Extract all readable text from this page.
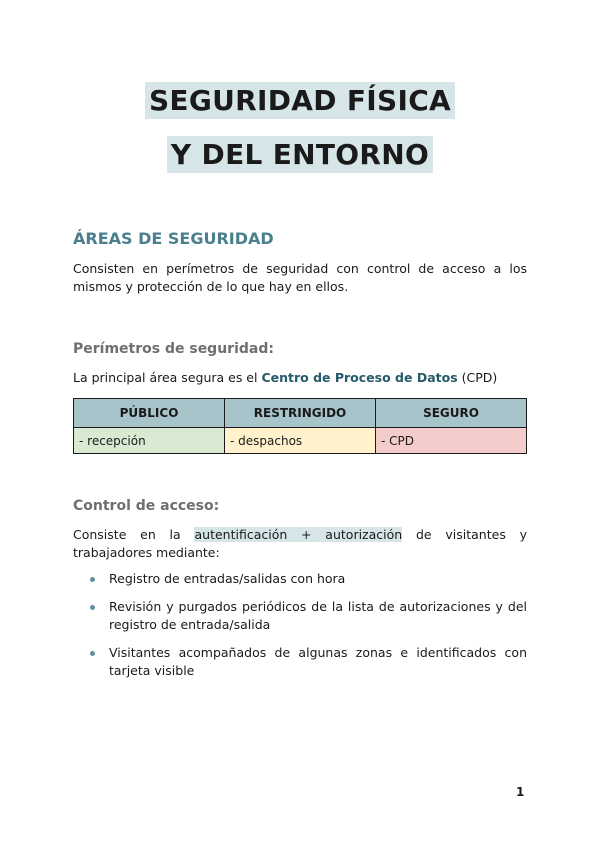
SEGURIDAD FÍSICA
Y DEL ENTORNO
ÁREAS DE SEGURIDAD
Consisten en perímetros de seguridad con control de acceso a los mismos y protección de lo que hay en ellos.
Perímetros de seguridad:
La principal área segura es el Centro de Proceso de Datos (CPD)
PÚBLICO	RESTRINGIDO	SEGURO
- recepción	- despachos	- CPD
Control de acceso:
Consiste en la autentificación + autorización de visitantes y trabajadores mediante:
Registro de entradas/salidas con hora
Revisión y purgados periódicos de la lista de autorizaciones y del registro de entrada/salida
Visitantes acompañados de algunas zonas e identificados con tarjeta visible
1
